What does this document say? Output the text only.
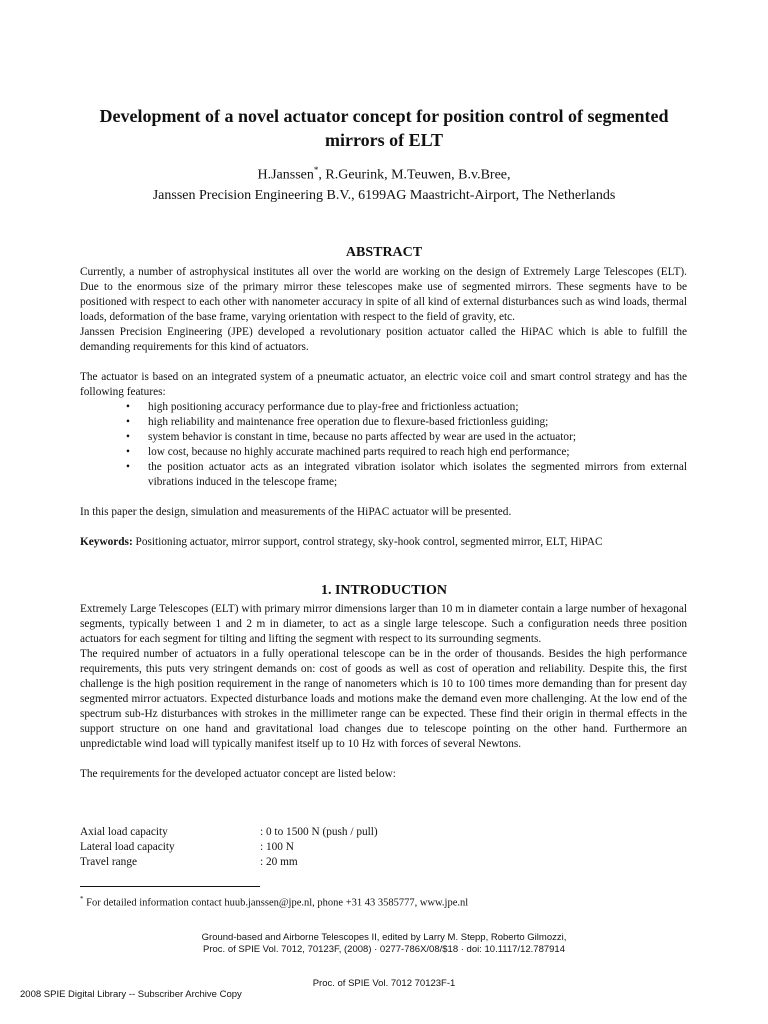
Development of a novel actuator concept for position control of segmented mirrors of ELT
H.Janssen*, R.Geurink, M.Teuwen, B.v.Bree,
Janssen Precision Engineering B.V., 6199AG Maastricht-Airport, The Netherlands
ABSTRACT

Currently, a number of astrophysical institutes all over the world are working on the design of Extremely Large Telescopes (ELT). Due to the enormous size of the primary mirror these telescopes make use of segmented mirrors. These segments have to be positioned with respect to each other with nanometer accuracy in spite of all kind of external disturbances such as wind loads, thermal loads, deformation of the base frame, varying orientation with respect to the field of gravity, etc.

Janssen Precision Engineering (JPE) developed a revolutionary position actuator called the HiPAC which is able to fulfill the demanding requirements for this kind of actuators.

The actuator is based on an integrated system of a pneumatic actuator, an electric voice coil and smart control strategy and has the following features:

• high positioning accuracy performance due to play-free and frictionless actuation;
• high reliability and maintenance free operation due to flexure-based frictionless guiding;
• system behavior is constant in time, because no parts affected by wear are used in the actuator;
• low cost, because no highly accurate machined parts required to reach high end performance;
• the position actuator acts as an integrated vibration isolator which isolates the segmented mirrors from external vibrations induced in the telescope frame;

In this paper the design, simulation and measurements of the HiPAC actuator will be presented.

Keywords: Positioning actuator, mirror support, control strategy, sky-hook control, segmented mirror, ELT, HiPAC

1. INTRODUCTION

Extremely Large Telescopes (ELT) with primary mirror dimensions larger than 10 m in diameter contain a large number of hexagonal segments, typically between 1 and 2 m in diameter, to act as a single large telescope. Such a configuration needs three position actuators for each segment for tilting and lifting the segment with respect to its surrounding segments.

The required number of actuators in a fully operational telescope can be in the order of thousands. Besides the high performance requirements, this puts very stringent demands on: cost of goods as well as cost of operation and reliability. Despite this, the first challenge is the high position requirement in the range of nanometers which is 10 to 100 times more demanding than for present day segmented mirror actuators. Expected disturbance loads and motions make the demand even more challenging. At the low end of the spectrum sub-Hz disturbances with strokes in the millimeter range can be expected. These find their origin in thermal effects in the support structure on one hand and gravitational load changes due to telescope pointing on the other hand. Furthermore an unpredictable wind load will typically manifest itself up to 10 Hz with forces of several Newtons.

The requirements for the developed actuator concept are listed below:

Axial load capacity	: 0 to 1500 N (push / pull)
Lateral load capacity	: 100 N
Travel range	: 20 mm
* For detailed information contact huub.janssen@jpe.nl, phone +31 43 3585777, www.jpe.nl
Ground-based and Airborne Telescopes II, edited by Larry M. Stepp, Roberto Gilmozzi,
Proc. of SPIE Vol. 7012, 70123F, (2008) · 0277-786X/08/$18 · doi: 10.1117/12.787914
Proc. of SPIE Vol. 7012 70123F-1
2008 SPIE Digital Library -- Subscriber Archive Copy
